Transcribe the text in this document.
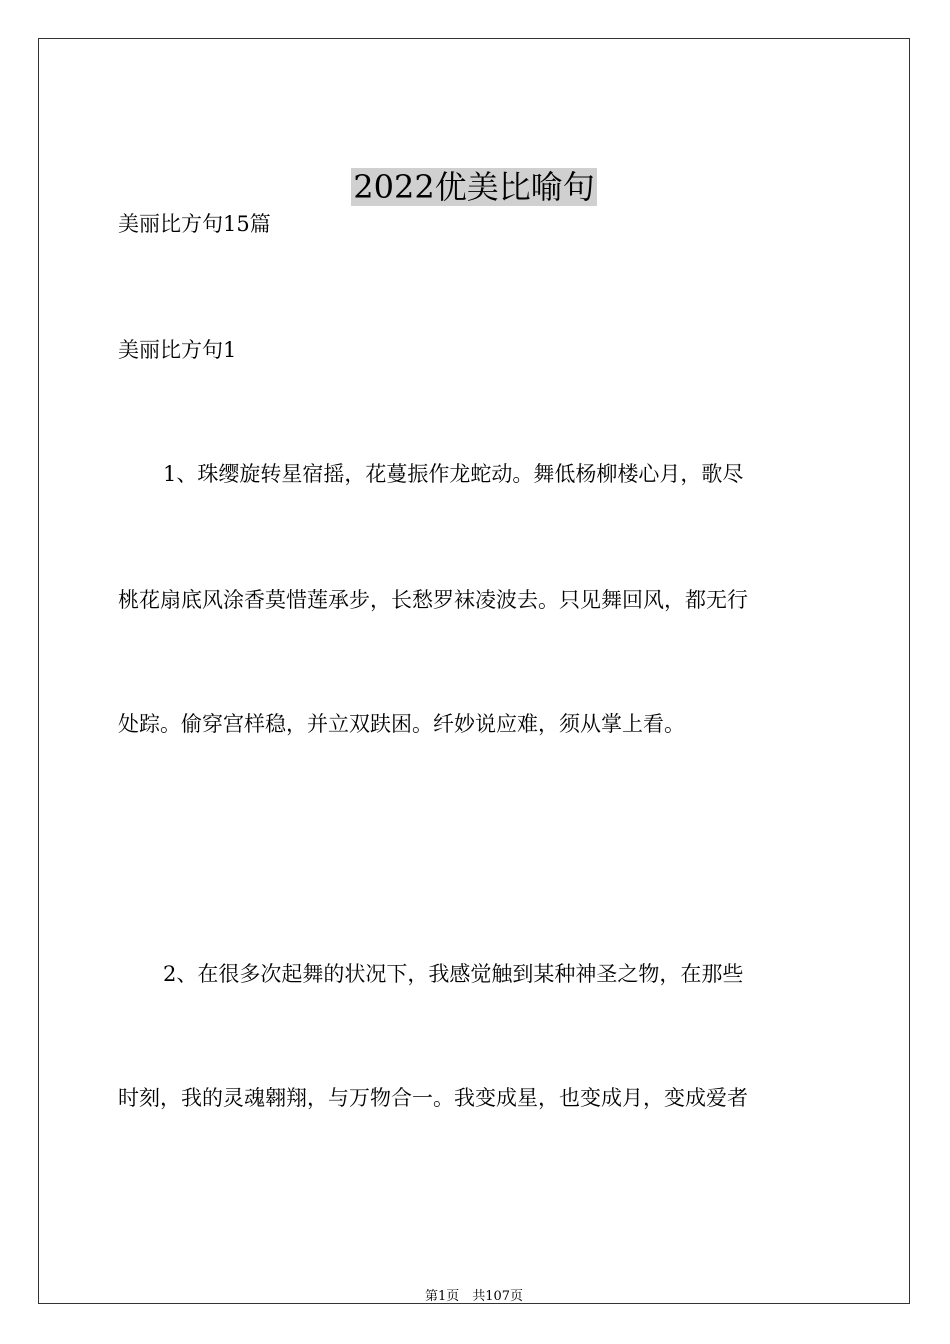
2022优美比喻句
美丽比方句15篇
美丽比方句1
1、珠缨旋转星宿摇，花蔓振作龙蛇动。舞低杨柳楼心月，歌尽
桃花扇底风涂香莫惜莲承步，长愁罗袜凌波去。只见舞回风，都无行
处踪。偷穿宫样稳，并立双趺困。纤妙说应难，须从掌上看。
2、在很多次起舞的状况下，我感觉触到某种神圣之物，在那些
时刻，我的灵魂翱翔，与万物合一。我变成星，也变成月，变成爱者
第1页　共107页
